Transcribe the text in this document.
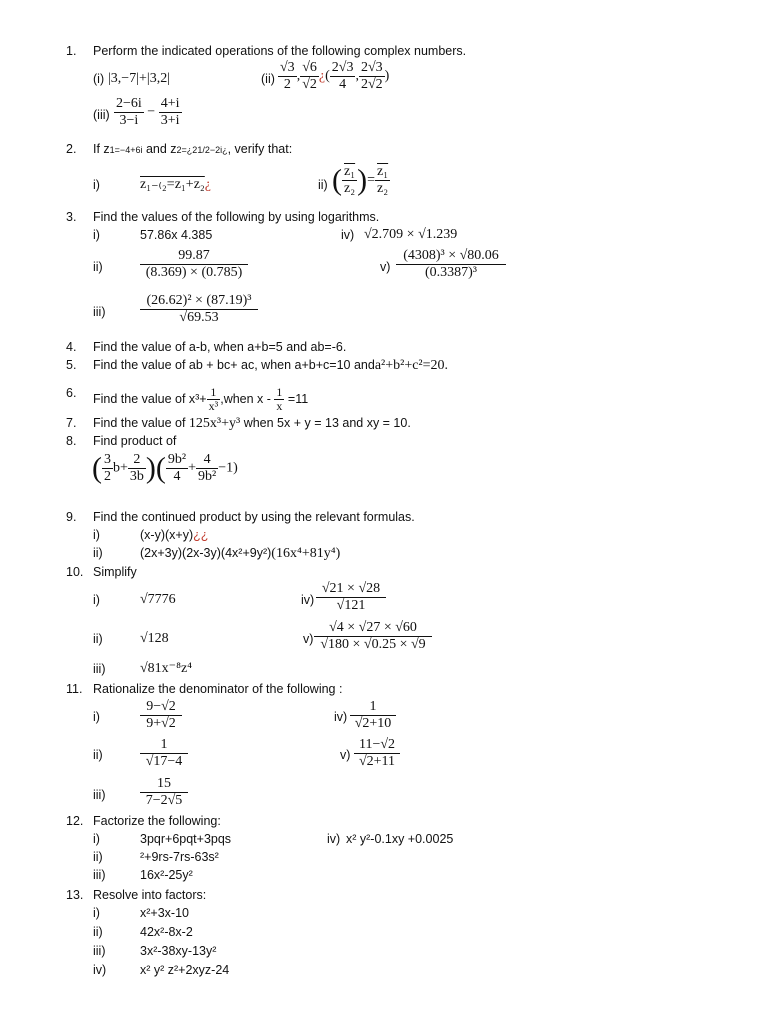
1.	Perform the indicated operations of the following complex numbers.
(i) |3,−7|+|3,2|	$(ii) \frac{√3}{2}$ , $\frac{√6}{√2}$ ¿( $\frac{2√3}{4}$ , $\frac{2√3}{2√2}$ )
$(iii) \frac{2-6i}{3-i} - \frac{4+i}{3+i}$
2.	If z1=−4+6i and z2=¿21/2−2i¿, verify that:
i)	z₁₋₍₂=z₁+z₂¿	ii) ( $\frac{\text{z₁}}{\text{z₂}}$ )= $\frac{\text{z₁}}{\text{z₂}}$
3.	Find the values of the following by using logarithms.
i)	57.86x 4.385	iv) √2.709 × √1.239
ii)	$\frac{99.87}{(8.369) \times (0.785)}$	$v) \frac{\text{(4308)³ × √80.06}}{\text{(0.3387)³}}$
$iii) \frac{\text{(26.62)² × (87.19)³}}{√69.53}$
4.	Find the value of a-b, when a+b=5 and ab=-6.
5.	Find the value of ab + bc+ ac, when a+b+c=10 anda²+b²+c²=20.
6.	Find the value of $x^3+ \frac{1}{\text{x³}}$ ,when $x - \frac{1}{x} =11$
7.	Find the value of 125x³+y³ when 5x + y = 13 and xy = 10.
8.	Find product of
( $\frac{3}{2} b+ \frac{2}{3b}$ )( $\frac{\text{9b²}}{4} + \frac{4}{\text{9b²}} -1$)
9.	Find the continued product by using the relevant formulas.
i)	(x-y)(x+y)¿¿
ii)	(2x+3y)(2x-3y)(4x²+9y²)(16x⁴+81y⁴)
10. Simplify
i)	√7776	$iv) \frac{√21 \times √28}{√121}$
ii)	√128	$v) \frac{√4 \times √27 \times √60}{√180 \times √0.25 \times √9}$
iii) √81x⁻⁸z⁴
11. Rationalize the denominator of the following :
i)	$\frac{9-√2}{9+√2}$	$iv) \frac{1}{√2+10}$
ii)	$\frac{1}{√17-4}$	$v) \frac{11-√2}{√2+11}$
$iii) \frac{15}{7-2√5}$
12. Factorize the following:
i)	3pqr+6pqt+3pqs	iv) x² y²-0.1xy +0.0025
ii)	²+9rs-7rs-63s²
iii)	16x²-25y²
13. Resolve into factors:
i)	x²+3x-10
ii)	42x²-8x-2
iii)	3x²-38xy-13y²
iv)	x² y² z²+2xyz-24
